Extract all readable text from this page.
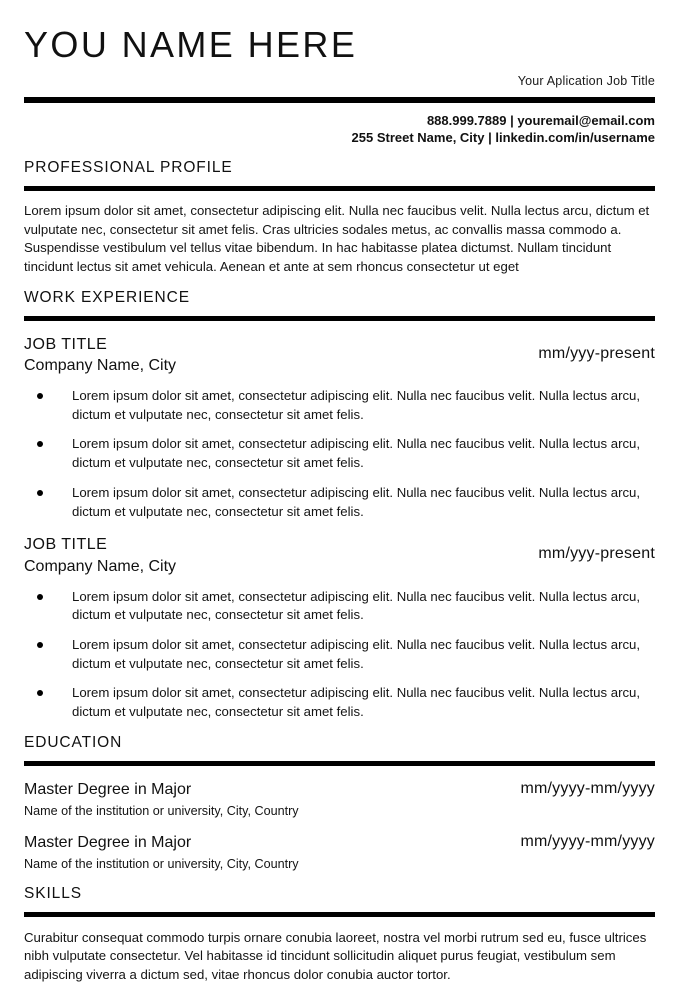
YOU NAME HERE
Your Aplication Job Title
888.999.7889 | youremail@email.com
255 Street Name, City | linkedin.com/in/username
PROFESSIONAL PROFILE
Lorem ipsum dolor sit amet, consectetur adipiscing elit. Nulla nec faucibus velit. Nulla lectus arcu, dictum et vulputate nec, consectetur sit amet felis. Cras ultricies sodales metus, ac convallis massa commodo a. Suspendisse vestibulum vel tellus vitae bibendum. In hac habitasse platea dictumst. Nullam tincidunt tincidunt lectus sit amet vehicula. Aenean et ante at sem rhoncus consectetur ut eget
WORK EXPERIENCE
JOB TITLE
Company Name, City
mm/yyy-present
Lorem ipsum dolor sit amet, consectetur adipiscing elit. Nulla nec faucibus velit. Nulla lectus arcu, dictum et vulputate nec, consectetur sit amet felis.
Lorem ipsum dolor sit amet, consectetur adipiscing elit. Nulla nec faucibus velit. Nulla lectus arcu, dictum et vulputate nec, consectetur sit amet felis.
Lorem ipsum dolor sit amet, consectetur adipiscing elit. Nulla nec faucibus velit. Nulla lectus arcu, dictum et vulputate nec, consectetur sit amet felis.
JOB TITLE
Company Name, City
mm/yyy-present
Lorem ipsum dolor sit amet, consectetur adipiscing elit. Nulla nec faucibus velit. Nulla lectus arcu, dictum et vulputate nec, consectetur sit amet felis.
Lorem ipsum dolor sit amet, consectetur adipiscing elit. Nulla nec faucibus velit. Nulla lectus arcu, dictum et vulputate nec, consectetur sit amet felis.
Lorem ipsum dolor sit amet, consectetur adipiscing elit. Nulla nec faucibus velit. Nulla lectus arcu, dictum et vulputate nec, consectetur sit amet felis.
EDUCATION
Master Degree in Major	mm/yyyy-mm/yyyy
Name of the institution or university, City, Country
Master Degree in Major	mm/yyyy-mm/yyyy
Name of the institution or university, City, Country
SKILLS
Curabitur consequat commodo turpis ornare conubia laoreet, nostra vel morbi rutrum sed eu, fusce ultrices nibh vulputate consectetur. Vel habitasse id tincidunt sollicitudin aliquet purus feugiat, vestibulum sem adipiscing viverra a dictum sed, vitae rhoncus dolor conubia auctor tortor.
